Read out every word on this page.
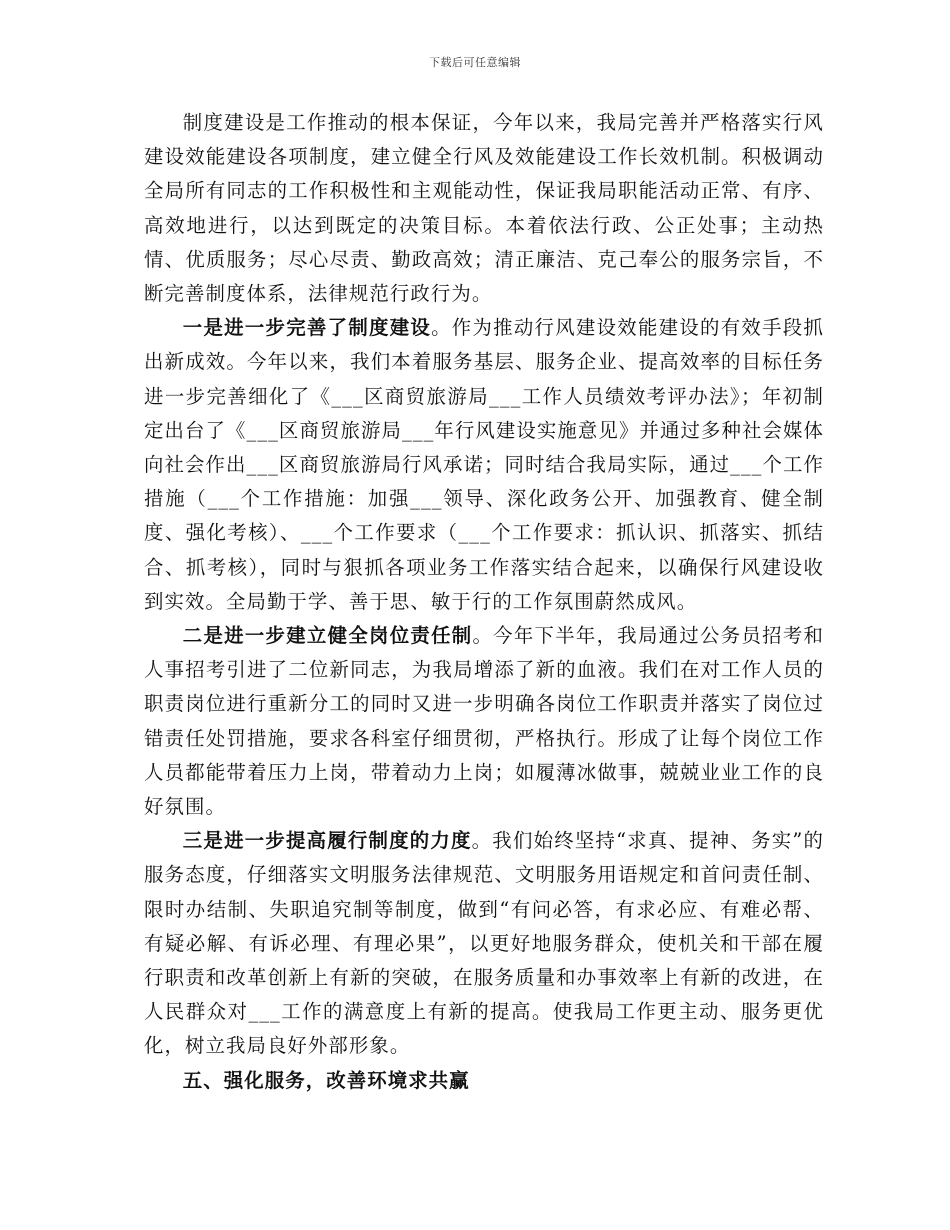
下载后可任意编辑

制度建设是工作推动的根本保证，今年以来，我局完善并严格落实行风建设效能建设各项制度，建立健全行风及效能建设工作长效机制。积极调动全局所有同志的工作积极性和主观能动性，保证我局职能活动正常、有序、高效地进行，以达到既定的决策目标。本着依法行政、公正处事；主动热情、优质服务；尽心尽责、勤政高效；清正廉洁、克己奉公的服务宗旨，不断完善制度体系，法律规范行政行为。

一是进一步完善了制度建设。作为推动行风建设效能建设的有效手段抓出新成效。今年以来，我们本着服务基层、服务企业、提高效率的目标任务进一步完善细化了《___区商贸旅游局___工作人员绩效考评办法》；年初制定出台了《___区商贸旅游局___年行风建设实施意见》并通过多种社会媒体向社会作出___区商贸旅游局行风承诺；同时结合我局实际，通过___个工作措施（___个工作措施：加强___领导、深化政务公开、加强教育、健全制度、强化考核）、___个工作要求（___个工作要求：抓认识、抓落实、抓结合、抓考核），同时与狠抓各项业务工作落实结合起来，以确保行风建设收到实效。全局勤于学、善于思、敏于行的工作氛围蔚然成风。

二是进一步建立健全岗位责任制。今年下半年，我局通过公务员招考和人事招考引进了二位新同志，为我局增添了新的血液。我们在对工作人员的职责岗位进行重新分工的同时又进一步明确各岗位工作职责并落实了岗位过错责任处罚措施，要求各科室仔细贯彻，严格执行。形成了让每个岗位工作人员都能带着压力上岗，带着动力上岗；如履薄冰做事，兢兢业业工作的良好氛围。

三是进一步提高履行制度的力度。我们始终坚持“求真、提神、务实”的服务态度，仔细落实文明服务法律规范、文明服务用语规定和首问责任制、限时办结制、失职追究制等制度，做到“有问必答，有求必应、有难必帮、有疑必解、有诉必理、有理必果”，以更好地服务群众，使机关和干部在履行职责和改革创新上有新的突破，在服务质量和办事效率上有新的改进，在人民群众对___工作的满意度上有新的提高。使我局工作更主动、服务更优化，树立我局良好外部形象。

五、强化服务，改善环境求共赢
